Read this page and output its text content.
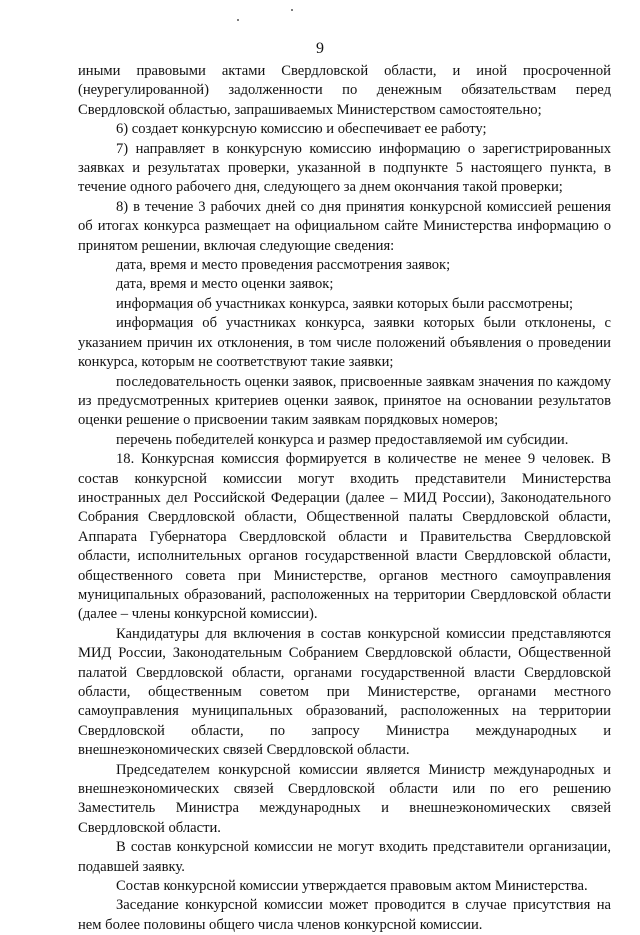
9

иными правовыми актами Свердловской области, и иной просроченной (неурегулированной) задолженности по денежным обязательствам перед Свердловской областью, запрашиваемых Министерством самостоятельно;

6) создает конкурсную комиссию и обеспечивает ее работу;

7) направляет в конкурсную комиссию информацию о зарегистрированных заявках и результатах проверки, указанной в подпункте 5 настоящего пункта, в течение одного рабочего дня, следующего за днем окончания такой проверки;

8) в течение 3 рабочих дней со дня принятия конкурсной комиссией решения об итогах конкурса размещает на официальном сайте Министерства информацию о принятом решении, включая следующие сведения:

дата, время и место проведения рассмотрения заявок;

дата, время и место оценки заявок;

информация об участниках конкурса, заявки которых были рассмотрены;

информация об участниках конкурса, заявки которых были отклонены, с указанием причин их отклонения, в том числе положений объявления о проведении конкурса, которым не соответствуют такие заявки;

последовательность оценки заявок, присвоенные заявкам значения по каждому из предусмотренных критериев оценки заявок, принятое на основании результатов оценки решение о присвоении таким заявкам порядковых номеров;

перечень победителей конкурса и размер предоставляемой им субсидии.

18. Конкурсная комиссия формируется в количестве не менее 9 человек. В состав конкурсной комиссии могут входить представители Министерства иностранных дел Российской Федерации (далее – МИД России), Законодательного Собрания Свердловской области, Общественной палаты Свердловской области, Аппарата Губернатора Свердловской области и Правительства Свердловской области, исполнительных органов государственной власти Свердловской области, общественного совета при Министерстве, органов местного самоуправления муниципальных образований, расположенных на территории Свердловской области (далее – члены конкурсной комиссии).

Кандидатуры для включения в состав конкурсной комиссии представляются МИД России, Законодательным Собранием Свердловской области, Общественной палатой Свердловской области, органами государственной власти Свердловской области, общественным советом при Министерстве, органами местного самоуправления муниципальных образований, расположенных на территории Свердловской области, по запросу Министра международных и внешнеэкономических связей Свердловской области.

Председателем конкурсной комиссии является Министр международных и внешнеэкономических связей Свердловской области или по его решению Заместитель Министра международных и внешнеэкономических связей Свердловской области.

В состав конкурсной комиссии не могут входить представители организации, подавшей заявку.

Состав конкурсной комиссии утверждается правовым актом Министерства.

Заседание конкурсной комиссии может проводится в случае присутствия на нем более половины общего числа членов конкурсной комиссии.
